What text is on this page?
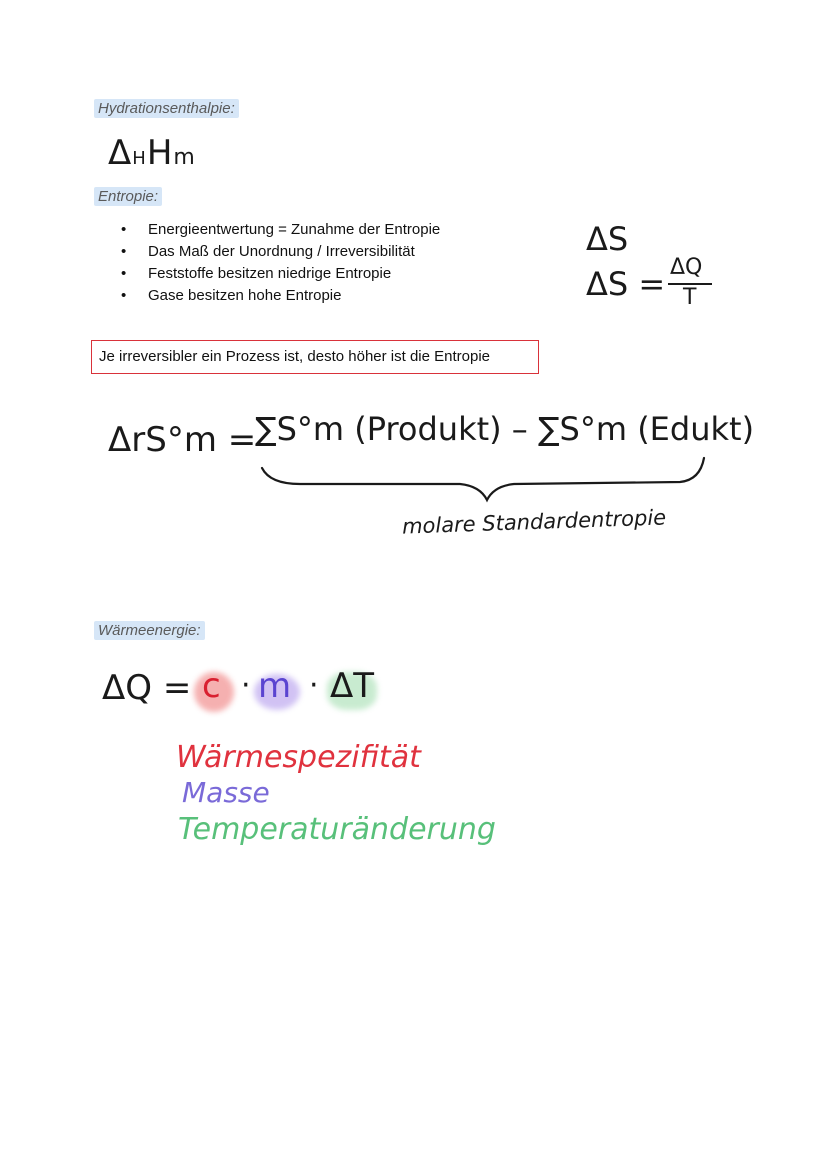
Hydrationsenthalpie:
Entropie:
Wärmeenergie:
ΔHHm
• Energieentwertung = Zunahme der Entropie
• Das Maß der Unordnung / Irreversibilität
• Feststoffe besitzen niedrige Entropie
• Gase besitzen hohe Entropie
ΔS
ΔS = ΔQ
T
Je irreversibler ein Prozess ist, desto höher ist die Entropie
ΔrS°m =
∑S°m (Produkt) – ∑S°m (Edukt)
molare Standardentropie
ΔQ = c · m · ΔT
Wärmespezifität
Masse
Temperaturänderung
